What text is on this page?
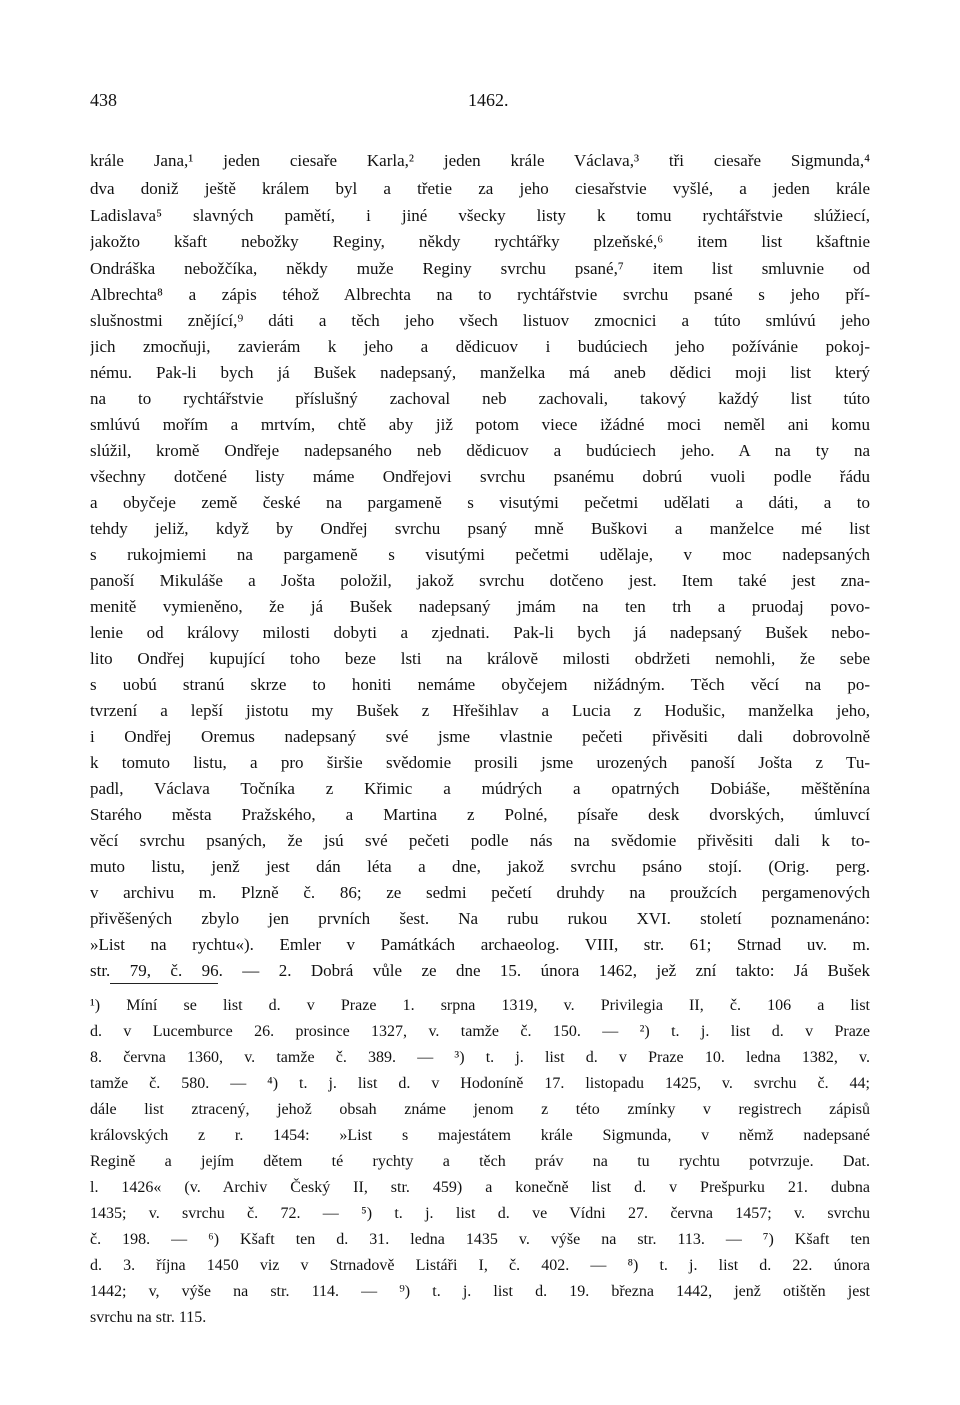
438	1462.
krále Jana,¹ jeden ciesaře Karla,² jeden krále Václava,³ tři ciesaře Sigmunda,⁴
dva doniž ještě králem byl a třetie za jeho ciesařstvie vyšlé, a jeden krále
Ladislava⁵ slavných pamětí, i jiné všecky listy k tomu rychtářstvie slúžiecí,
jakožto kšaft nebožky Reginy, někdy rychtářky plzeňské,⁶ item list kšaftnie
Ondráška nebožčíka, někdy muže Reginy svrchu psané,⁷ item list smluvnie od
Albrechta⁸ a zápis téhož Albrechta na to rychtářstvie svrchu psané s jeho pří-
slušnostmi znějící,⁹ dáti a těch jeho všech listuov zmocnici a túto smlúvú jeho
jich zmocňuji, zavierám k jeho a dědicuov i budúciech jeho požívánie pokoj-
nému. Pak-li bych já Bušek nadepsaný, manželka má aneb dědici moji list který
na to rychtářstvie příslušný zachoval neb zachovali, takový každý list túto
smlúvú mořím a mrtvím, chtě aby již potom viece ižádné moci neměl ani komu
slúžil, kromě Ondřeje nadepsaného neb dědicuov a budúciech jeho. A na ty na
všechny dotčené listy máme Ondřejovi svrchu psanému dobrú vuoli podle řádu
a obyčeje země české na pargamenĕ s visutými pečetmi udělati a dáti, a to
tehdy jeliž, když by Ondřej svrchu psaný mně Buškovi a manželce mé list
s rukojmiemi na pargamenĕ s visutými pečetmi udělaje, v moc nadepsaných
panoší Mikuláše a Jošta položil, jakož svrchu dotčeno jest. Item také jest zna-
menitě vymieněno, že já Bušek nadepsaný jmám na ten trh a pruodaj povo-
lenie od královy milosti dobyti a zjednati. Pak-li bych já nadepsaný Bušek nebo-
lito Ondřej kupující toho beze lsti na královĕ milosti obdržeti nemohli, že sebe
s uobú stranú skrze to honiti nemáme obyčejem nižádným. Těch věcí na po-
tvrzení a lepší jistotu my Bušek z Hřešihlav a Lucia z Hodušic, manželka jeho,
i Ondřej Oremus nadepsaný své jsme vlastnie pečeti přivěsiti dali dobrovolně
k tomuto listu, a pro širšie svědomie prosili jsme urozených panoší Jošta z Tu-
padl, Václava Točníka z Křimic a múdrých a opatrných Dobiáše, měštěnína
Starého města Pražského, a Martina z Polné, písaře desk dvorských, úmluvcí
věcí svrchu psaných, že jsú své pečeti podle nás na svědomie přivěsiti dali k to-
muto listu, jenž jest dán léta a dne, jakož svrchu psáno stojí. (Orig. perg.
v archivu m. Plzně č. 86; ze sedmi pečetí druhdy na proužcích pergamenových
přivěšených zbylo jen prvních šest. Na rubu rukou XVI. století poznamenáno:
»List na rychtu«). Emler v Památkách archaeolog. VIII, str. 61; Strnad uv. m.
str. 79, č. 96. — 2. Dobrá vůle ze dne 15. února 1462, jež zní takto: Já Bušek
¹) Míní se list d. v Praze 1. srpna 1319, v. Privilegia II, č. 106 a list
d. v Lucemburce 26. prosince 1327, v. tamže č. 150. — ²) t. j. list d. v Praze
8. června 1360, v. tamže č. 389. — ³) t. j. list d. v Praze 10. ledna 1382, v.
tamže č. 580. — ⁴) t. j. list d. v Hodoníně 17. listopadu 1425, v. svrchu č. 44;
dále list ztracený, jehož obsah známe jenom z této zmínky v registrech zápisů
královských z r. 1454: »List s majestátem krále Sigmunda, v němž nadepsané
Regině a jejím dětem té rychty a těch práv na tu rychtu potvrzuje. Dat.
l. 1426« (v. Archiv Český II, str. 459) a konečně list d. v Prešpurku 21. dubna
1435; v. svrchu č. 72. — ⁵) t. j. list d. ve Vídni 27. června 1457; v. svrchu
č. 198. — ⁶) Kšaft ten d. 31. ledna 1435 v. výše na str. 113. — ⁷) Kšaft ten
d. 3. října 1450 viz v Strnadově Listáři I, č. 402. — ⁸) t. j. list d. 22. února
1442; v, výše na str. 114. — ⁹) t. j. list d. 19. března 1442, jenž otištěn jest
svrchu na str. 115.
